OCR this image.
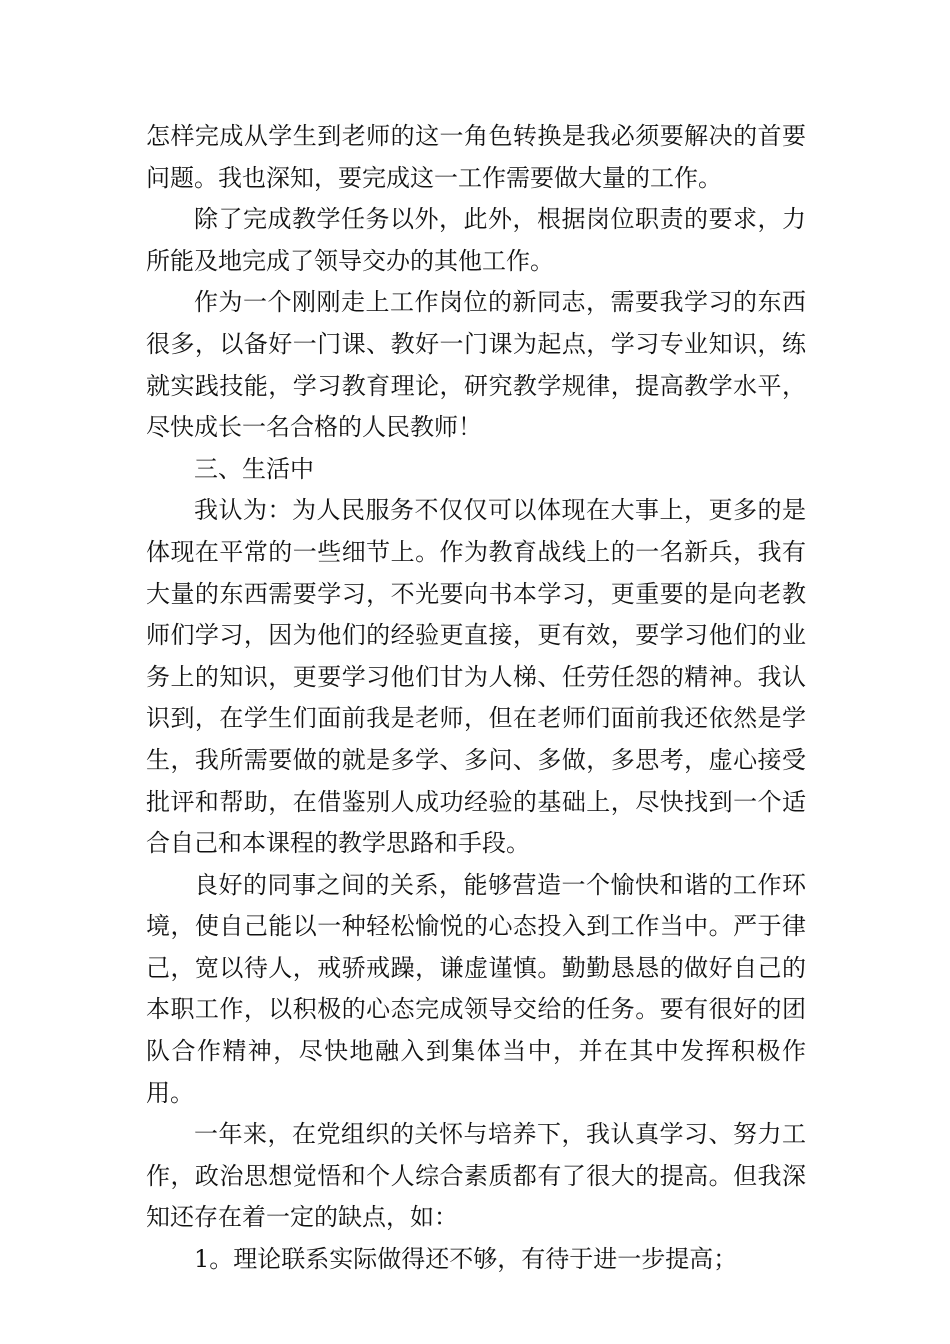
怎样完成从学生到老师的这一角色转换是我必须要解决的首要问题。我也深知，要完成这一工作需要做大量的工作。

除了完成教学任务以外，此外，根据岗位职责的要求，力所能及地完成了领导交办的其他工作。

作为一个刚刚走上工作岗位的新同志，需要我学习的东西很多，以备好一门课、教好一门课为起点，学习专业知识，练就实践技能，学习教育理论，研究教学规律，提高教学水平，尽快成长一名合格的人民教师！

三、生活中

我认为：为人民服务不仅仅可以体现在大事上，更多的是体现在平常的一些细节上。作为教育战线上的一名新兵，我有大量的东西需要学习，不光要向书本学习，更重要的是向老教师们学习，因为他们的经验更直接，更有效，要学习他们的业务上的知识，更要学习他们甘为人梯、任劳任怨的精神。我认识到，在学生们面前我是老师，但在老师们面前我还依然是学生，我所需要做的就是多学、多问、多做，多思考，虚心接受批评和帮助，在借鉴别人成功经验的基础上，尽快找到一个适合自己和本课程的教学思路和手段。

良好的同事之间的关系，能够营造一个愉快和谐的工作环境，使自己能以一种轻松愉悦的心态投入到工作当中。严于律己，宽以待人，戒骄戒躁，谦虚谨慎。勤勤恳恳的做好自己的本职工作，以积极的心态完成领导交给的任务。要有很好的团队合作精神，尽快地融入到集体当中，并在其中发挥积极作用。

一年来，在党组织的关怀与培养下，我认真学习、努力工作，政治思想觉悟和个人综合素质都有了很大的提高。但我深知还存在着一定的缺点，如：

1。理论联系实际做得还不够，有待于进一步提高；
